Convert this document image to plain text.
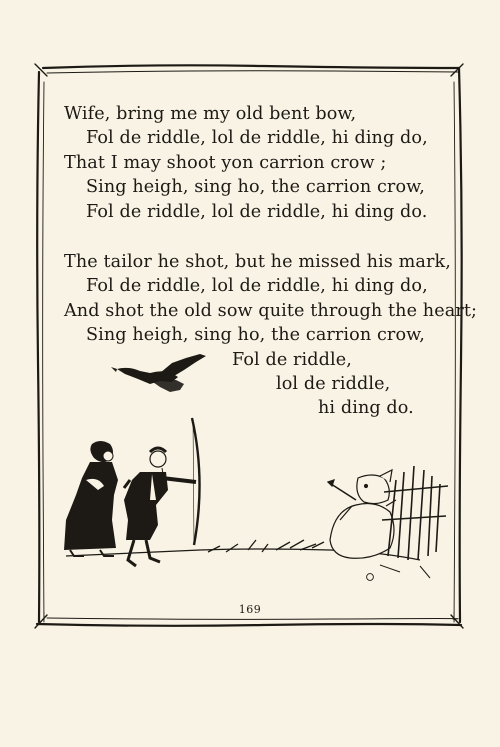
Wife, bring me my old bent bow,
Fol de riddle, lol de riddle, hi ding do,
That I may shoot yon carrion crow ;
Sing heigh, sing ho, the carrion crow,
Fol de riddle, lol de riddle, hi ding do.
The tailor he shot, but he missed his mark,
Fol de riddle, lol de riddle, hi ding do,
And shot the old sow quite through the heart;
Sing heigh, sing ho, the carrion crow,
Fol de riddle,
lol de riddle,
hi ding do.
169
